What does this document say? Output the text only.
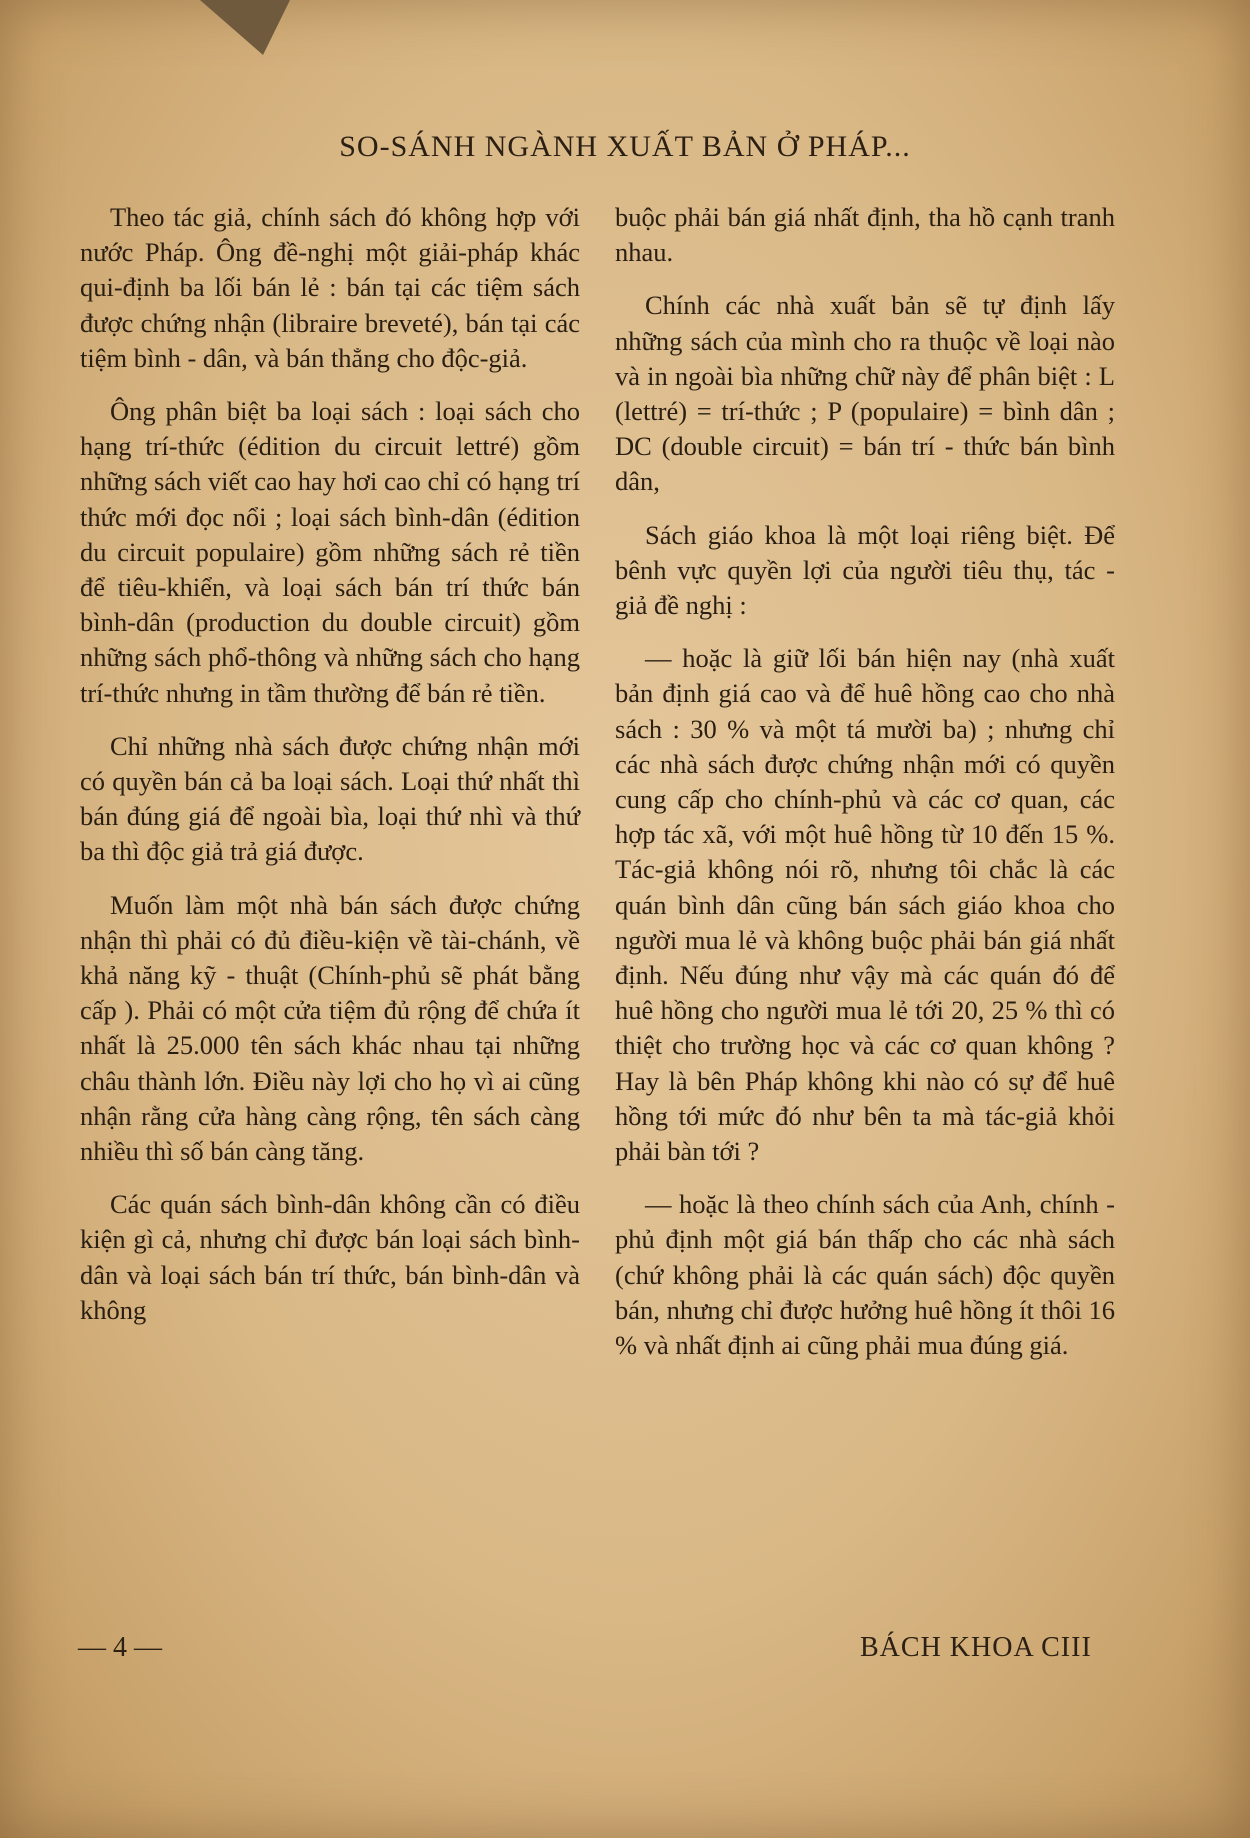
SO-SÁNH NGÀNH XUẤT BẢN Ở PHÁP...

Theo tác giả, chính sách đó không hợp với nước Pháp. Ông đề-nghị một giải-pháp khác qui-định ba lối bán lẻ : bán tại các tiệm sách được chứng nhận (libraire breveté), bán tại các tiệm bình - dân, và bán thẳng cho độc-giả.

Ông phân biệt ba loại sách : loại sách cho hạng trí-thức (édition du circuit lettré) gồm những sách viết cao hay hơi cao chỉ có hạng trí thức mới đọc nổi ; loại sách bình-dân (édition du circuit populaire) gồm những sách rẻ tiền để tiêu-khiển, và loại sách bán trí thức bán bình-dân (production du double circuit) gồm những sách phổ-thông và những sách cho hạng trí-thức nhưng in tầm thường để bán rẻ tiền.

Chỉ những nhà sách được chứng nhận mới có quyền bán cả ba loại sách. Loại thứ nhất thì bán đúng giá để ngoài bìa, loại thứ nhì và thứ ba thì độc giả trả giá được.

Muốn làm một nhà bán sách được chứng nhận thì phải có đủ điều-kiện về tài-chánh, về khả năng kỹ - thuật (Chính-phủ sẽ phát bằng cấp ). Phải có một cửa tiệm đủ rộng để chứa ít nhất là 25.000 tên sách khác nhau tại những châu thành lớn. Điều này lợi cho họ vì ai cũng nhận rằng cửa hàng càng rộng, tên sách càng nhiều thì số bán càng tăng.

Các quán sách bình-dân không cần có điều kiện gì cả, nhưng chỉ được bán loại sách bình-dân và loại sách bán trí thức, bán bình-dân và không

buộc phải bán giá nhất định, tha hồ cạnh tranh nhau.

Chính các nhà xuất bản sẽ tự định lấy những sách của mình cho ra thuộc về loại nào và in ngoài bìa những chữ này để phân biệt : L (lettré) = trí-thức ; P (populaire) = bình dân ; DC (double circuit) = bán trí - thức bán bình dân,

Sách giáo khoa là một loại riêng biệt. Để bênh vực quyền lợi của người tiêu thụ, tác - giả đề nghị :

— hoặc là giữ lối bán hiện nay (nhà xuất bản định giá cao và để huê hồng cao cho nhà sách : 30 % và một tá mười ba) ; nhưng chỉ các nhà sách được chứng nhận mới có quyền cung cấp cho chính-phủ và các cơ quan, các hợp tác xã, với một huê hồng từ 10 đến 15 %. Tác-giả không nói rõ, nhưng tôi chắc là các quán bình dân cũng bán sách giáo khoa cho người mua lẻ và không buộc phải bán giá nhất định. Nếu đúng như vậy mà các quán đó để huê hồng cho người mua lẻ tới 20, 25 % thì có thiệt cho trường học và các cơ quan không ? Hay là bên Pháp không khi nào có sự để huê hồng tới mức đó như bên ta mà tác-giả khỏi phải bàn tới ?

— hoặc là theo chính sách của Anh, chính - phủ định một giá bán thấp cho các nhà sách (chứ không phải là các quán sách) độc quyền bán, nhưng chỉ được hưởng huê hồng ít thôi 16 % và nhất định ai cũng phải mua đúng giá.

— 4 —	BÁCH KHOA CIII
